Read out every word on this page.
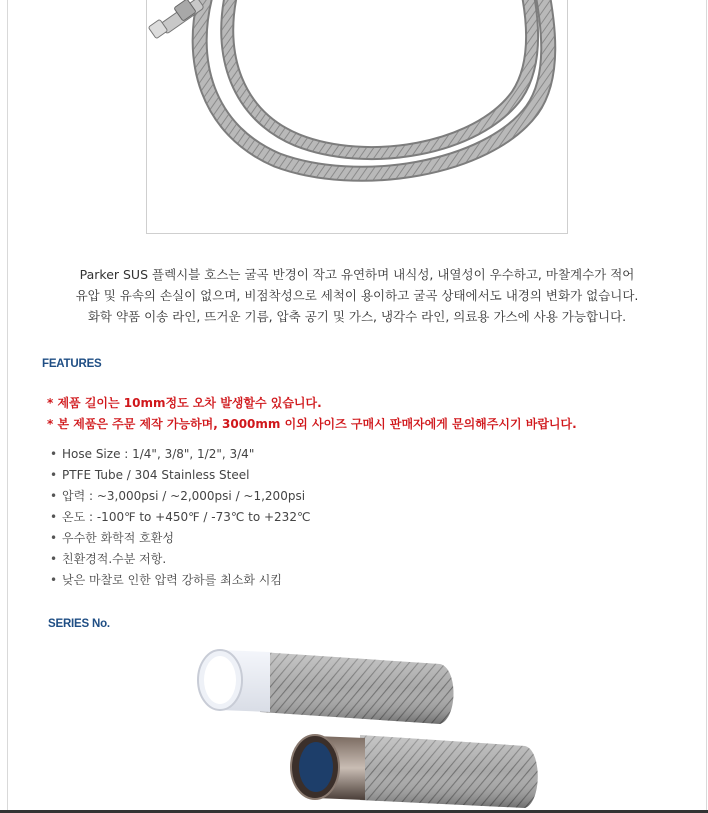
Parker SUS 플렉시블 호스는 굴곡 반경이 작고 유연하며 내식성, 내열성이 우수하고, 마찰계수가 적어
유압 및 유속의 손실이 없으며, 비점착성으로 세척이 용이하고 굴곡 상태에서도 내경의 변화가 없습니다.
화학 약품 이송 라인, 뜨거운 기름, 압축 공기 및 가스, 냉각수 라인, 의료용 가스에 사용 가능합니다.
FEATURES
* 제품 길이는 10mm정도 오차 발생할수 있습니다.
* 본 제품은 주문 제작 가능하며, 3000mm 이외 사이즈 구매시 판매자에게 문의해주시기 바랍니다.
• Hose Size : 1/4", 3/8", 1/2", 3/4"
• PTFE Tube / 304 Stainless Steel
• 압력 : ~3,000psi / ~2,000psi / ~1,200psi
• 온도 : -100℉ to +450℉ / -73℃ to +232℃
• 우수한 화학적 호환성
• 친환경적.수분 저항.
• 낮은 마찰로 인한 압력 강하를 최소화 시킴
SERIES No.
